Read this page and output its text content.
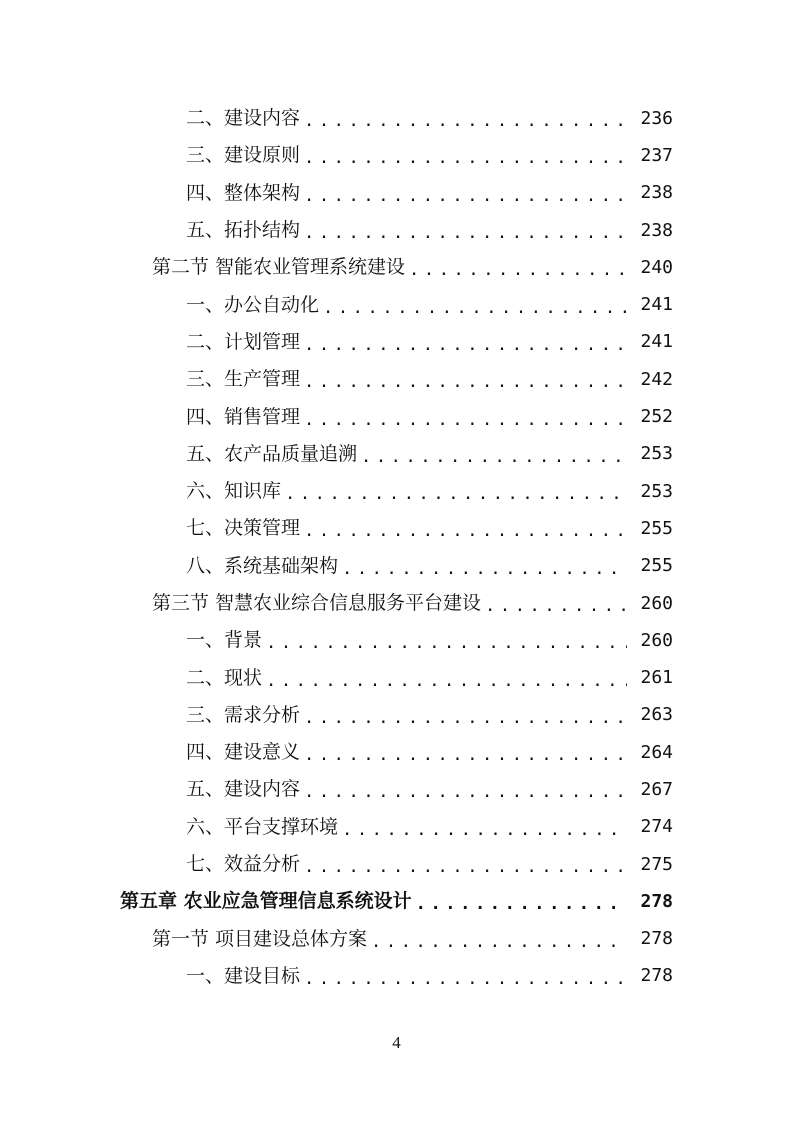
二、建设内容 .....	236
三、建设原则 .....	237
四、整体架构 .....	238
五、拓扑结构 .....	238
第二节 智能农业管理系统建设 .....	240
一、办公自动化 .....	241
二、计划管理 .....	241
三、生产管理 .....	242
四、销售管理 .....	252
五、农产品质量追溯 .....	253
六、知识库 .....	253
七、决策管理 .....	255
八、系统基础架构 .....	255
第三节 智慧农业综合信息服务平台建设 .....	260
一、背景 .....	260
二、现状 .....	261
三、需求分析 .....	263
四、建设意义 .....	264
五、建设内容 .....	267
六、平台支撑环境 .....	274
七、效益分析 .....	275
第五章 农业应急管理信息系统设计 .....	278
第一节 项目建设总体方案 .....	278
一、建设目标 .....	278
4
